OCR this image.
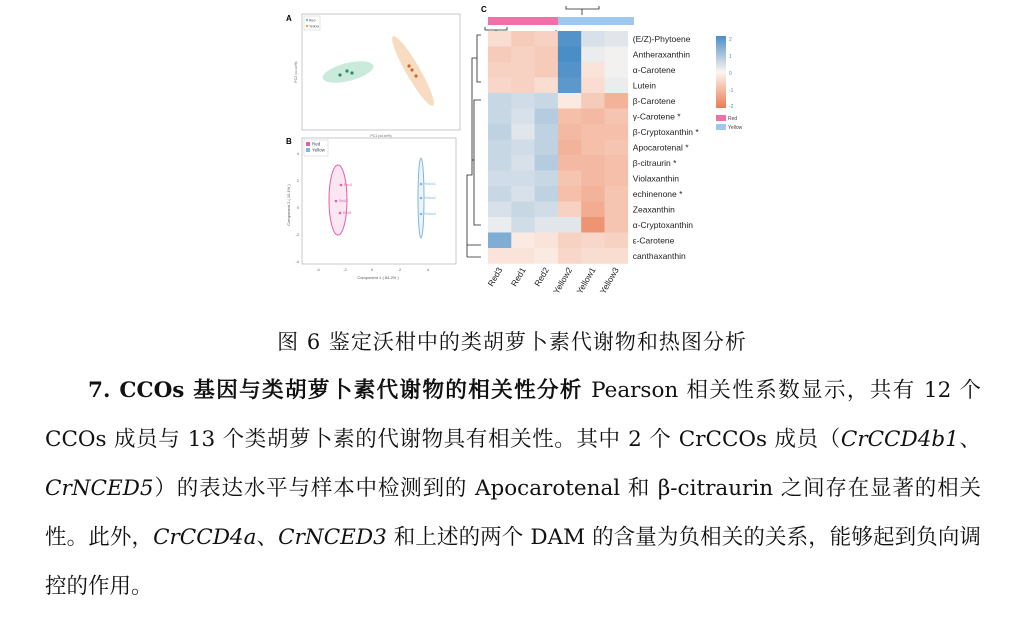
A	Red
Yellow
PC1 (xx.xx%)
PC2 (xx.xx%)
B	Red
Yellow
Red1
Red2
Red3
Yellow1
Yellow2
Yellow3
-4	-2	0	2	4
4
2
0
-2
-4
Component 1 ( 84.2% )
Component 2 ( 10.1% )
C
(E/Z)-Phytoene
Antheraxanthin
α-Carotene
Lutein
β-Carotene
γ-Carotene *
β-Cryptoxanthin *
Apocarotenal *
β-citraurin *
Violaxanthin
echinenone *
Zeaxanthin
α-Cryptoxanthin
ε-Carotene
canthaxanthin
Red3 Red1 Red2 Yellow2 Yellow1 Yellow3
2
1
0
-1
-2
Red
Yellow
图 6 鉴定沃柑中的类胡萝卜素代谢物和热图分析

7. CCOs 基因与类胡萝卜素代谢物的相关性分析 Pearson 相关性系数显示，共有 12 个 CCOs 成员与 13 个类胡萝卜素的代谢物具有相关性。其中 2 个 CrCCOs 成员（CrCCD4b1、CrNCED5）的表达水平与样本中检测到的 Apocarotenal 和 β-citraurin 之间存在显著的相关性。此外，CrCCD4a、CrNCED3 和上述的两个 DAM 的含量为负相关的关系，能够起到负向调控的作用。
